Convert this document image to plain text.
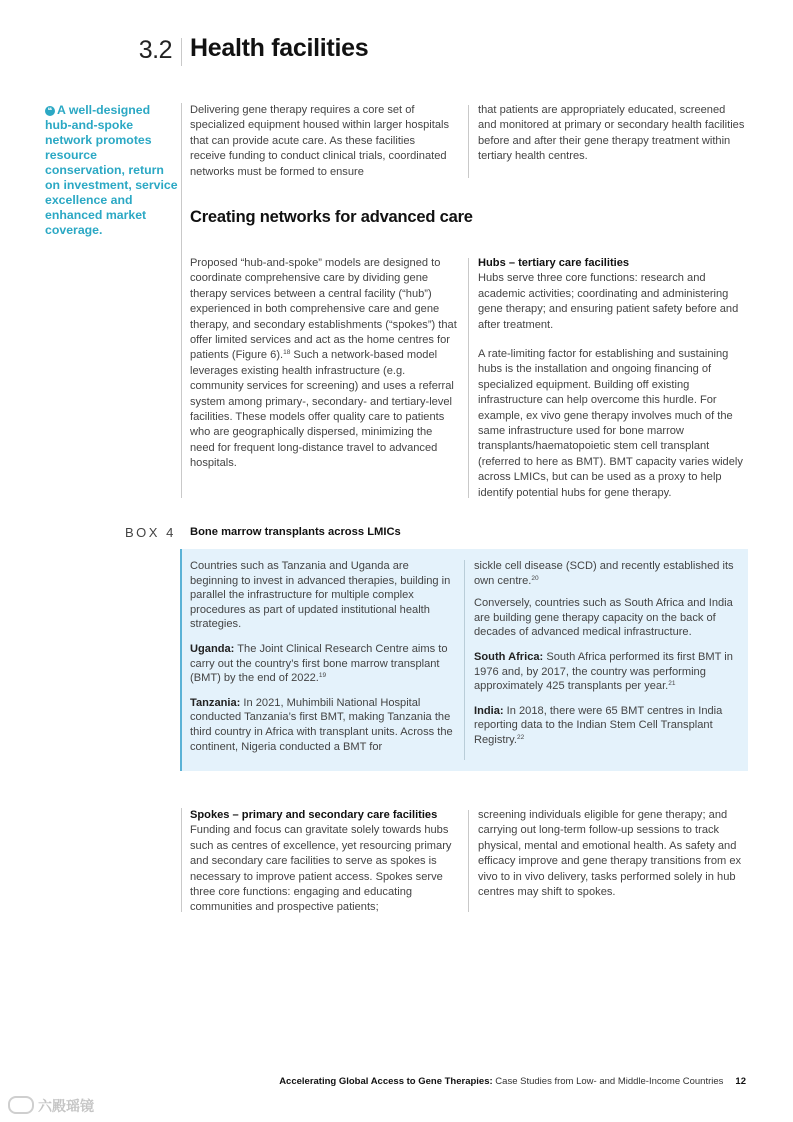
3.2 Health facilities
❝ A well-designed hub-and-spoke network promotes resource conservation, return on investment, service excellence and enhanced market coverage.

Delivering gene therapy requires a core set of specialized equipment housed within larger hospitals that can provide acute care. As these facilities receive funding to conduct clinical trials, coordinated networks must be formed to ensure

that patients are appropriately educated, screened and monitored at primary or secondary health facilities before and after their gene therapy treatment within tertiary health centres.

Creating networks for advanced care

Proposed “hub-and-spoke” models are designed to coordinate comprehensive care by dividing gene therapy services between a central facility (“hub”) experienced in both comprehensive care and gene therapy, and secondary establishments (“spokes”) that offer limited services and act as the home centres for patients (Figure 6).$^{18}$ Such a network-based model leverages existing health infrastructure (e.g. community services for screening) and uses a referral system among primary-, secondary- and tertiary-level facilities. These models offer quality care to patients who are geographically dispersed, minimizing the need for frequent long-distance travel to advanced hospitals.

Hubs – tertiary care facilities

Hubs serve three core functions: research and academic activities; coordinating and administering gene therapy; and ensuring patient safety before and after treatment.

A rate-limiting factor for establishing and sustaining hubs is the installation and ongoing financing of specialized equipment. Building off existing infrastructure can help overcome this hurdle. For example, ex vivo gene therapy involves much of the same infrastructure used for bone marrow transplants/haematopoietic stem cell transplant (referred to here as BMT). BMT capacity varies widely across LMICs, but can be used as a proxy to help identify potential hubs for gene therapy.

BOX 4 Bone marrow transplants across LMICs

Countries such as Tanzania and Uganda are beginning to invest in advanced therapies, building in parallel the infrastructure for multiple complex procedures as part of updated institutional health strategies.

Uganda: The Joint Clinical Research Centre aims to carry out the country’s first bone marrow transplant (BMT) by the end of 2022.19

Tanzania: In 2021, Muhimbili National Hospital conducted Tanzania’s first BMT, making Tanzania the third country in Africa with transplant units. Across the continent, Nigeria conducted a BMT for

sickle cell disease (SCD) and recently established its own centre.$^{20}$

Conversely, countries such as South Africa and India are building gene therapy capacity on the back of decades of advanced medical infrastructure.

South Africa: South Africa performed its first BMT in 1976 and, by 2017, the country was performing approximately 425 transplants per year.$^{21}$

India: In 2018, there were 65 BMT centres in India reporting data to the Indian Stem Cell Transplant Registry.$^{22}$

Spokes – primary and secondary care facilities

Funding and focus can gravitate solely towards hubs such as centres of excellence, yet resourcing primary and secondary care facilities to serve as spokes is necessary to improve patient access. Spokes serve three core functions: engaging and educating communities and prospective patients;

screening individuals eligible for gene therapy; and carrying out long-term follow-up sessions to track physical, mental and emotional health. As safety and efficacy improve and gene therapy transitions from ex vivo to in vivo delivery, tasks performed solely in hub centres may shift to spokes.

Accelerating Global Access to Gene Therapies: Case Studies from Low- and Middle-Income Countries 12
六殿瑶镜
